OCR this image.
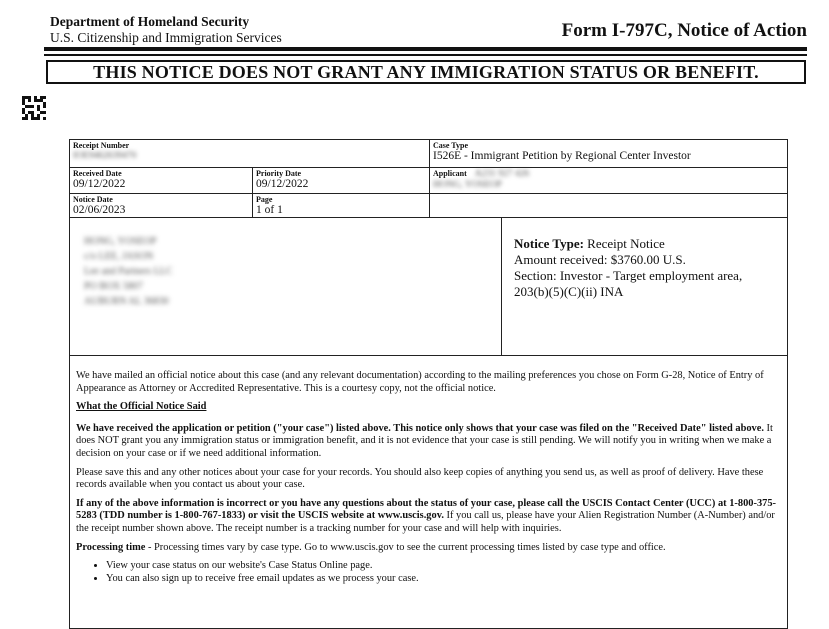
Department of Homeland Security
U.S. Citizenship and Immigration Services	Form I-797C, Notice of Action
THIS NOTICE DOES NOT GRANT ANY IMMIGRATION STATUS OR BENEFIT.
Receipt Number
IOE9462639470
Case Type
I526E - Immigrant Petition by Regional Center Investor
Received Date
09/12/2022
Priority Date
09/12/2022
Applicant A231 927 426
HONG, YOSEOP
Notice Date
02/06/2023
Page
1 of 1
HONG, YOSEOP
c/o LEE, JASON
Lee and Partners LLC
PO BOX 5807
AUBURN AL 36830
Notice Type: Receipt Notice
Amount received: $3760.00 U.S.
Section: Investor - Target employment area,
203(b)(5)(C)(ii) INA

We have mailed an official notice about this case (and any relevant documentation) according to the mailing preferences you chose on Form G-28, Notice of Entry of Appearance as Attorney or Accredited Representative. This is a courtesy copy, not the official notice.

What the Official Notice Said

We have received the application or petition ("your case") listed above. This notice only shows that your case was filed on the "Received Date" listed above. It does NOT grant you any immigration status or immigration benefit, and it is not evidence that your case is still pending. We will notify you in writing when we make a decision on your case or if we need additional information.

Please save this and any other notices about your case for your records. You should also keep copies of anything you send us, as well as proof of delivery. Have these records available when you contact us about your case.

If any of the above information is incorrect or you have any questions about the status of your case, please call the USCIS Contact Center (UCC) at 1-800-375-5283 (TDD number is 1-800-767-1833) or visit the USCIS website at www.uscis.gov. If you call us, please have your Alien Registration Number (A-Number) and/or the receipt number shown above. The receipt number is a tracking number for your case and will help with inquiries.

Processing time - Processing times vary by case type. Go to www.uscis.gov to see the current processing times listed by case type and office.

• View your case status on our website's Case Status Online page.
• You can also sign up to receive free email updates as we process your case.
